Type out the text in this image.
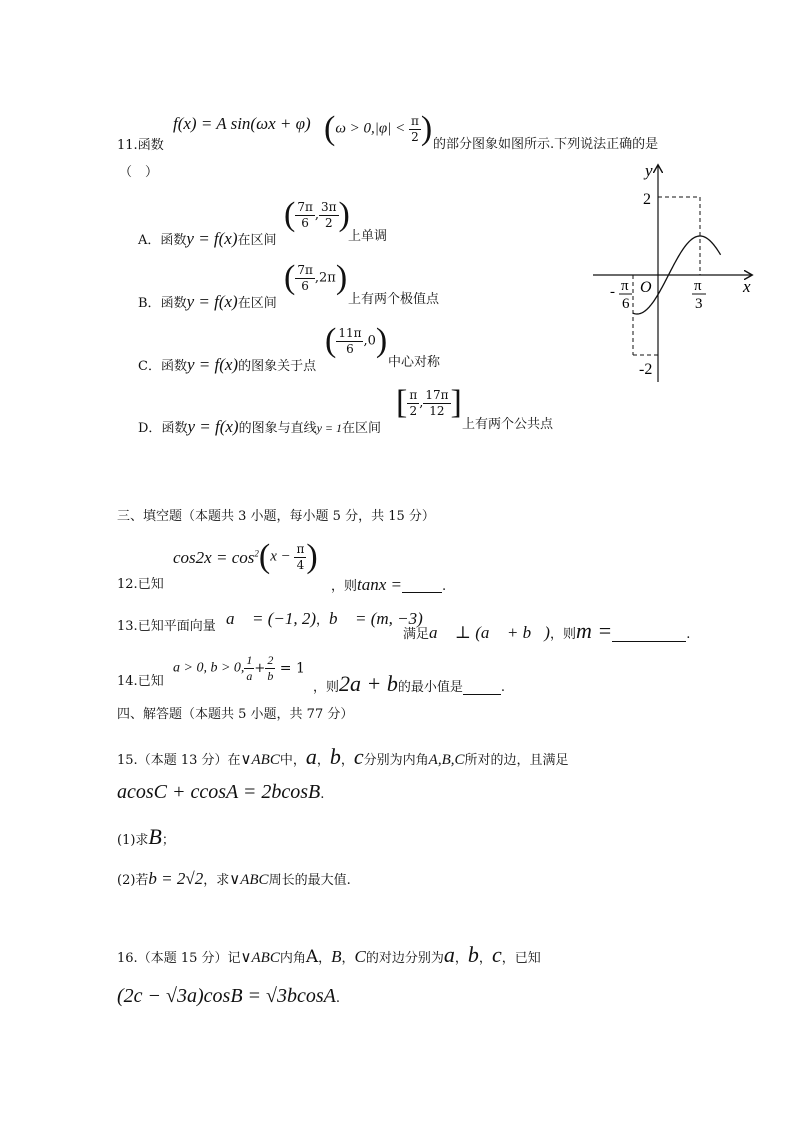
11.函数
f(x) = A sin(ωx + φ) ($\omega > 0,|\varphi| < \frac{\pi}{2}$ ) 的部分图象如图所示.下列说法正确的是
（　）
A．函数y = f(x)在区间
( $\frac{7\pi}{6}$ , $\frac{3\pi}{2}$ )
上单调
B．函数y = f(x)在区间
( $\frac{7\pi}{6} ,2\pi$)
上有两个极值点
C．函数y = f(x)的图象关于点
( $\frac{11\pi}{6} ,0$)
中心对称
D．函数y = f(x)的图象与直线y = 1在区间
[ $\frac{\pi}{2}$ , $\frac{17\pi}{12}$ ]
上有两个公共点
y
x
O
2
-2
- π
6
π
3
三、填空题（本题共 3 小题，每小题 5 分，共 15 分）
12.已知
$\cos 2x = \cos^2(x - \frac{\pi}{4}$ )
，则tanx =	.
13.已知平面向量 a⃗ = (−1, 2)，b⃗ = (m, −3)
满足a⃗ ⊥ (a⃗ + b⃗)，则m =	.
14.已知
a > 0, b > 0, $\frac{1}{a} + \frac{2}{b} = 1$
，则2a + b的最小值是	.
四、解答题（本题共 5 小题，共 77 分）
15.（本题 13 分）在∨ABC中，a，b，c分别为内角A,B,C所对的边，且满足
acosC + ccosA = 2bcosB.
(1)求B；
(2)若b = 2√2，求∨ABC周长的最大值.
16.（本题 15 分）记∨ABC内角A，B，C的对边分别为a，b，c，已知
(2c − √3a)cosB = √3bcosA.
